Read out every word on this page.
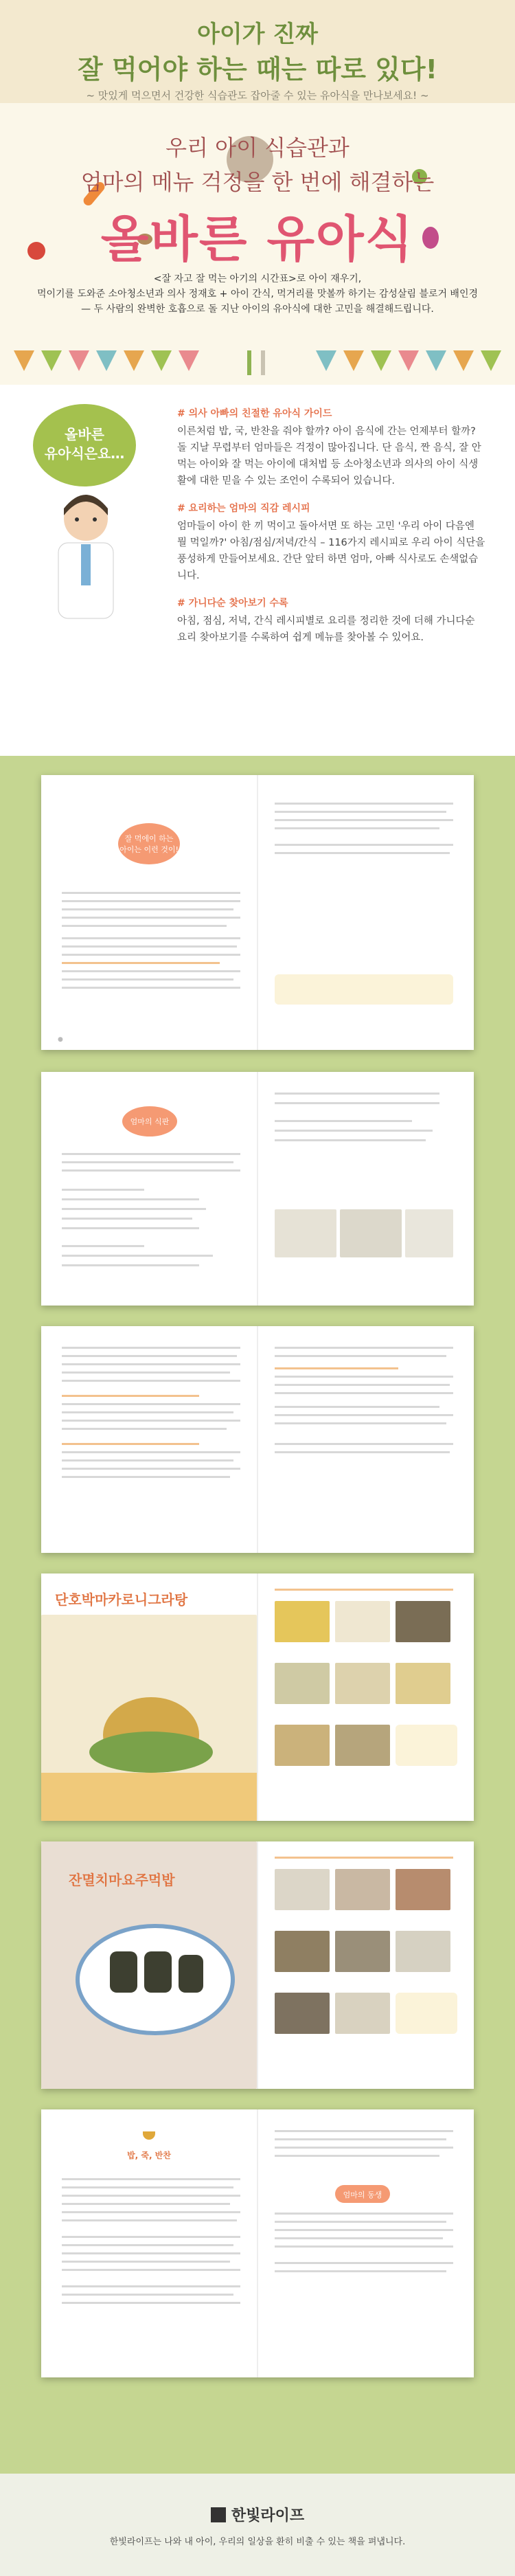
아이가 진짜
잘 먹어야 하는 때는 따로 있다!
~ 맛있게 먹으면서 건강한 식습관도 잡아줄 수 있는 유아식을 만나보세요! ~
우리 아이 식습관과
엄마의 메뉴 걱정을 한 번에 해결하는
올바른 유아식
<잘 자고 잘 먹는 아기의 시간표>로 아이 재우기,
먹이기를 도와준 소아청소년과 의사 정재호 + 아이 간식, 먹거리를 맛볼까 하기는 감성살림 블로거 배인경
— 두 사람의 완벽한 호흡으로 돌 지난 아이의 유아식에 대한 고민을 해결해드립니다.
올바른
유아식은요…
# 의사 아빠의 친절한 유아식 가이드

이른처럼 밥, 국, 반찬을 줘야 할까? 아이 음식에 간는 언제부터 할까? 돌 지날 무렵부터 엄마들은 걱정이 많아집니다. 단 음식, 짠 음식, 잘 안 먹는 아이와 잘 먹는 아이에 대처법 등 소아청소년과 의사의 아이 식생활에 대한 믿을 수 있는 조언이 수록되어 있습니다.

# 요리하는 엄마의 직감 레시피

엄마들이 아이 한 끼 먹이고 돌아서면 또 하는 고민 '우리 아이 다음엔 뭘 먹일까?' 아침/점심/저녁/간식 – 116가지 레시피로 우리 아이 식단을 풍성하게 만들어보세요. 간단 앞터 하면 엄마, 아빠 식사로도 손색없습니다.

# 가니다순 찾아보기 수록

아침, 점심, 저녁, 간식 레시피별로 요리를 정리한 것에 더해 가니다순 요리 찾아보기를 수록하여 쉽게 메뉴를 찾아볼 수 있어요.

잘 먹에이 하는
아이는 이런 것이!
●
엄마의 식판
단호박마카로니그라탕
잔멸치마요주먹밥
밥, 죽, 반찬
엄마의 동생
한빛라이프
한빛라이프는 나와 내 아이, 우리의 일상을 환히 비출 수 있는 책을 펴냅니다.
